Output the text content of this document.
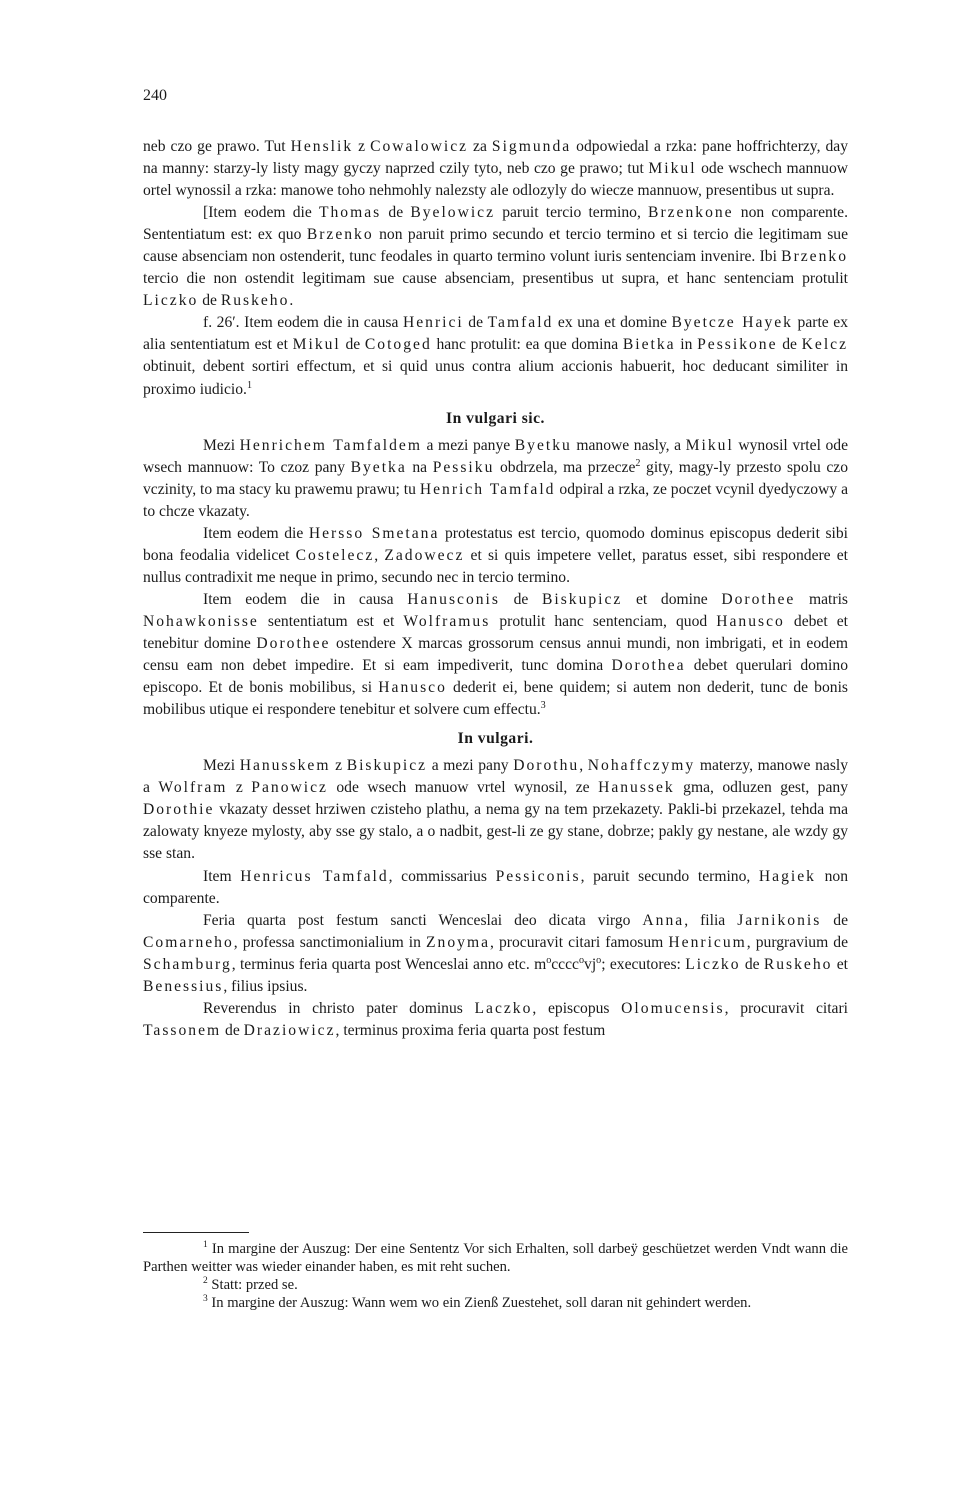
240

neb czo ge prawo. Tut Henslik z Cowalowicz za Sigmunda odpowiedal a rzka: pane hoffrichterzy, day na manny: starzy-ly listy magy gyczy naprzed czily tyto, neb czo ge prawo; tut Mikul ode wschech mannuow ortel wynossil a rzka: manowe toho nehmohly nalezsty ale odlozyly do wiecze mannuow, presentibus ut supra.

[Item eodem die Thomas de Byelowicz paruit tercio termino, Brzenkone non comparente. Sententiatum est: ex quo Brzenko non paruit primo secundo et tercio termino et si tercio die legitimam sue cause absenciam non ostenderit, tunc feodales in quarto termino volunt iuris sentenciam invenire. Ibi Brzenko tercio die non ostendit legitimam sue cause absenciam, presentibus ut supra, et hanc sentenciam protulit Liczko de Ruskeho.

f. 26′. Item eodem die in causa Henrici de Tamfald ex una et domine Byetcze Hayek parte ex alia sententiatum est et Mikul de Cotoged hanc protulit: ea que domina Bietka in Pessikone de Kelcz obtinuit, debent sortiri effectum, et si quid unus contra alium accionis habuerit, hoc deducant similiter in proximo iudicio.$^1$

In vulgari sic.

Mezi Henrichem Tamfaldem a mezi panye Byetku manowe nasly, a Mikul wynosil vrtel ode wsech mannuow: To czoz pany Byetka na Pessiku obdrzela, ma przecze$^2$ gity, magy-ly przesto spolu czo vczinity, to ma stacy ku prawemu prawu; tu Henrich Tamfald odpiral a rzka, ze poczet vcynil dyedyczowy a to chcze vkazaty.

Item eodem die Hersso Smetana protestatus est tercio, quomodo dominus episcopus dederit sibi bona feodalia videlicet Costelecz, Zadowecz et si quis impetere vellet, paratus esset, sibi respondere et nullus contradixit me neque in primo, secundo nec in tercio termino.

Item eodem die in causa Hanusconis de Biskupicz et domine Dorothee matris Nohawkonisse sententiatum est et Wolframus protulit hanc sentenciam, quod Hanusco debet et tenebitur domine Dorothee ostendere X marcas grossorum census annui mundi, non imbrigati, et in eodem censu eam non debet impedire. Et si eam impediverit, tunc domina Dorothea debet querulari domino episcopo. Et de bonis mobilibus, si Hanusco dederit ei, bene quidem; si autem non dederit, tunc de bonis mobilibus utique ei respondere tenebitur et solvere cum effectu.$^3$

In vulgari.

Mezi Hanusskem z Biskupicz a mezi pany Dorothu, Nohaffczymy materzy, manowe nasly a Wolfram z Panowicz ode wsech manuow vrtel wynosil, ze Hanussek gma, odluzen gest, pany Dorothie vkazaty desset hrziwen czisteho plathu, a nema gy na tem przekazety. Pakli-bi przekazel, tehda ma zalowaty knyeze mylosty, aby sse gy stalo, a o nadbit, gest-li ze gy stane, dobrze; pakly gy nestane, ale wzdy gy sse stan.

Item Henricus Tamfald, commissarius Pessiconis, paruit secundo termino, Hagiek non comparente.

Feria quarta post festum sancti Wenceslai deo dicata virgo Anna, filia Jarnikonis de Comarneho, professa sanctimonialium in Znoyma, procuravit citari famosum Henricum, purgravium de Schamburg, terminus feria quarta post Wenceslai anno etc. $m^occcc^ovj^o$; executores: Liczko de Ruskeho et Benessius, filius ipsius.

Reverendus in christo pater dominus Laczko, episcopus Olomucensis, procuravit citari Tassonem de Draziowicz, terminus proxima feria quarta post festum

$^1$ In margine der Auszug: Der eine Sententz Vor sich Erhalten, soll darbeÿ geschüetzet werden Vndt wann die Parthen weitter was wieder einander haben, es mit reht suchen.

$^2$ Statt: przed se.

$^3$ In margine der Auszug: Wann wem wo ein Zienß Zuestehet, soll daran nit gehindert werden.
